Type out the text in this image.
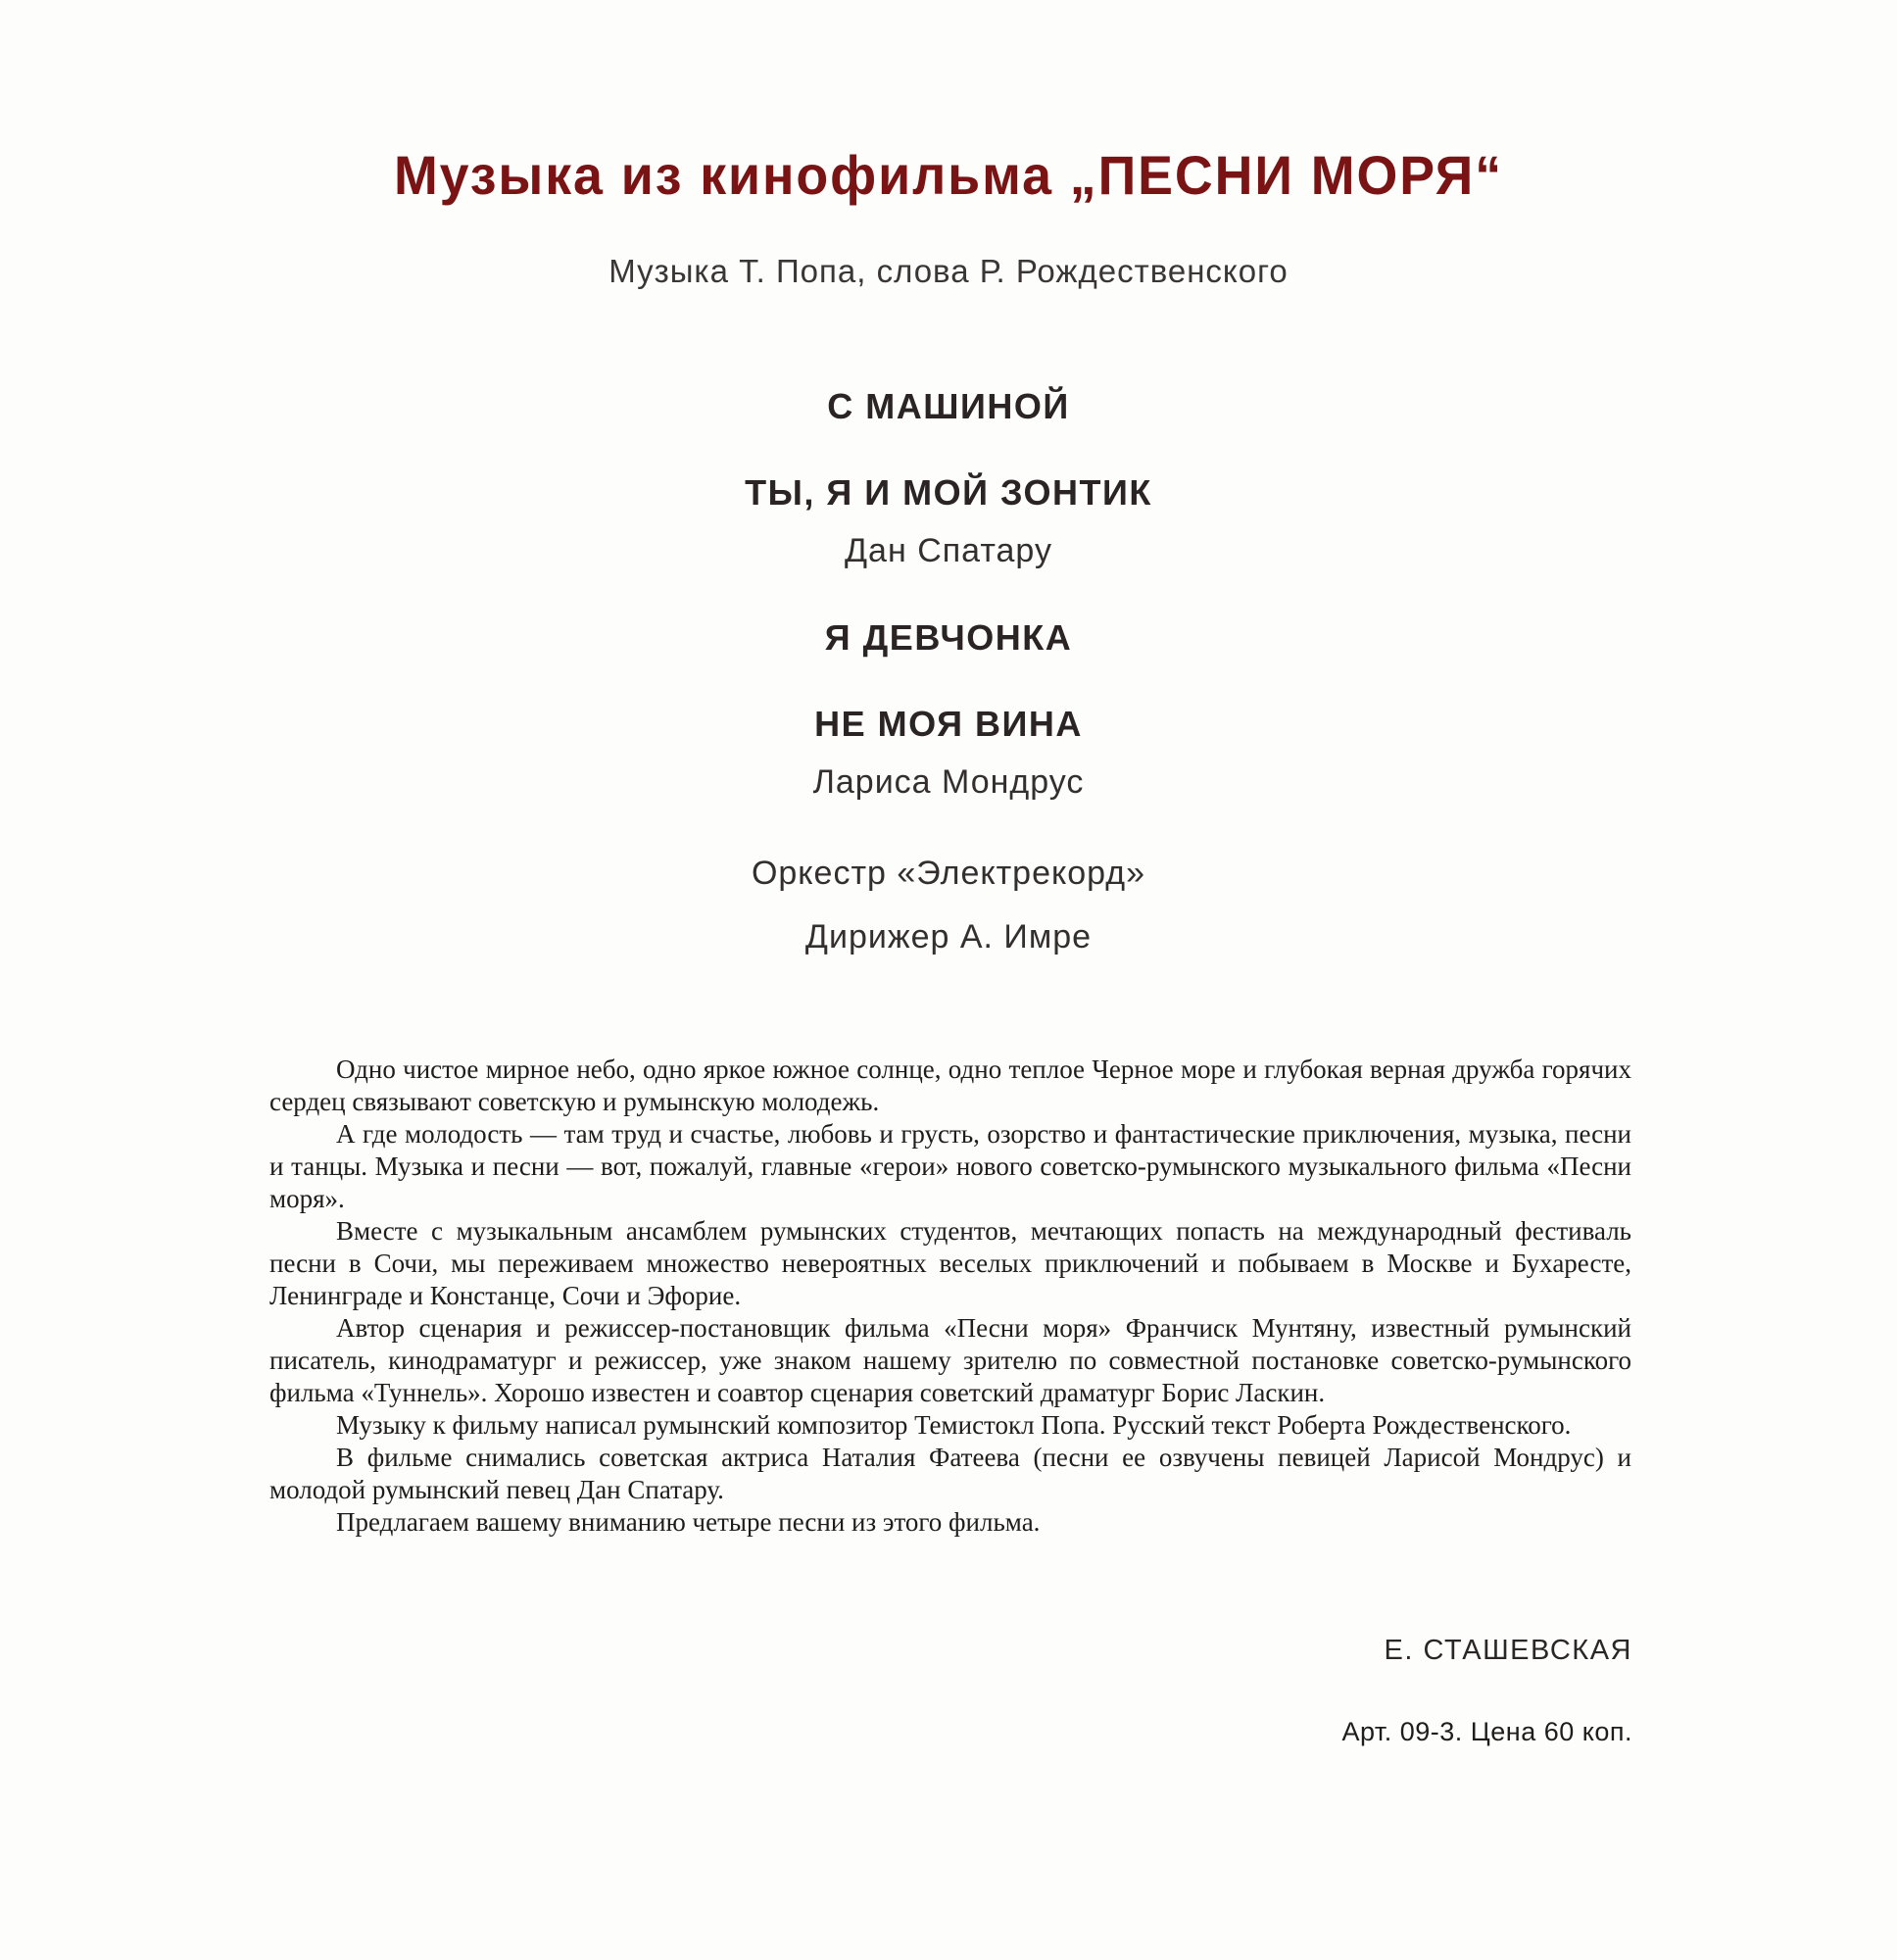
Музыка из кинофильма „ПЕСНИ МОРЯ“
Музыка Т. Попа, слова Р. Рождественского
С МАШИНОЙ
ТЫ, Я И МОЙ ЗОНТИК
Дан Спатару
Я ДЕВЧОНКА
НЕ МОЯ ВИНА
Лариса Мондрус
Оркестр «Электрекорд»
Дирижер А. Имре

Одно чистое мирное небо, одно яркое южное солнце, одно теплое Черное море и глубокая верная дружба горячих сердец связывают советскую и румынскую молодежь.

А где молодость — там труд и счастье, любовь и грусть, озорство и фантастические приключения, музыка, песни и танцы. Музыка и песни — вот, пожалуй, главные «герои» нового советско-румынского музыкального фильма «Песни моря».

Вместе с музыкальным ансамблем румынских студентов, мечтающих попасть на международный фестиваль песни в Сочи, мы переживаем множество невероятных веселых приключений и побываем в Москве и Бухаресте, Ленинграде и Констанце, Сочи и Эфорие.

Автор сценария и режиссер-постановщик фильма «Песни моря» Франчиск Мунтяну, известный румынский писатель, кинодраматург и режиссер, уже знаком нашему зрителю по совместной постановке советско-румынского фильма «Туннель». Хорошо известен и соавтор сценария советский драматург Борис Ласкин.

Музыку к фильму написал румынский композитор Темистокл Попа. Русский текст Роберта Рождественского.

В фильме снимались советская актриса Наталия Фатеева (песни ее озвучены певицей Ларисой Мондрус) и молодой румынский певец Дан Спатару.

Предлагаем вашему вниманию четыре песни из этого фильма.

Е. СТАШЕВСКАЯ
Арт. 09-3. Цена 60 коп.
